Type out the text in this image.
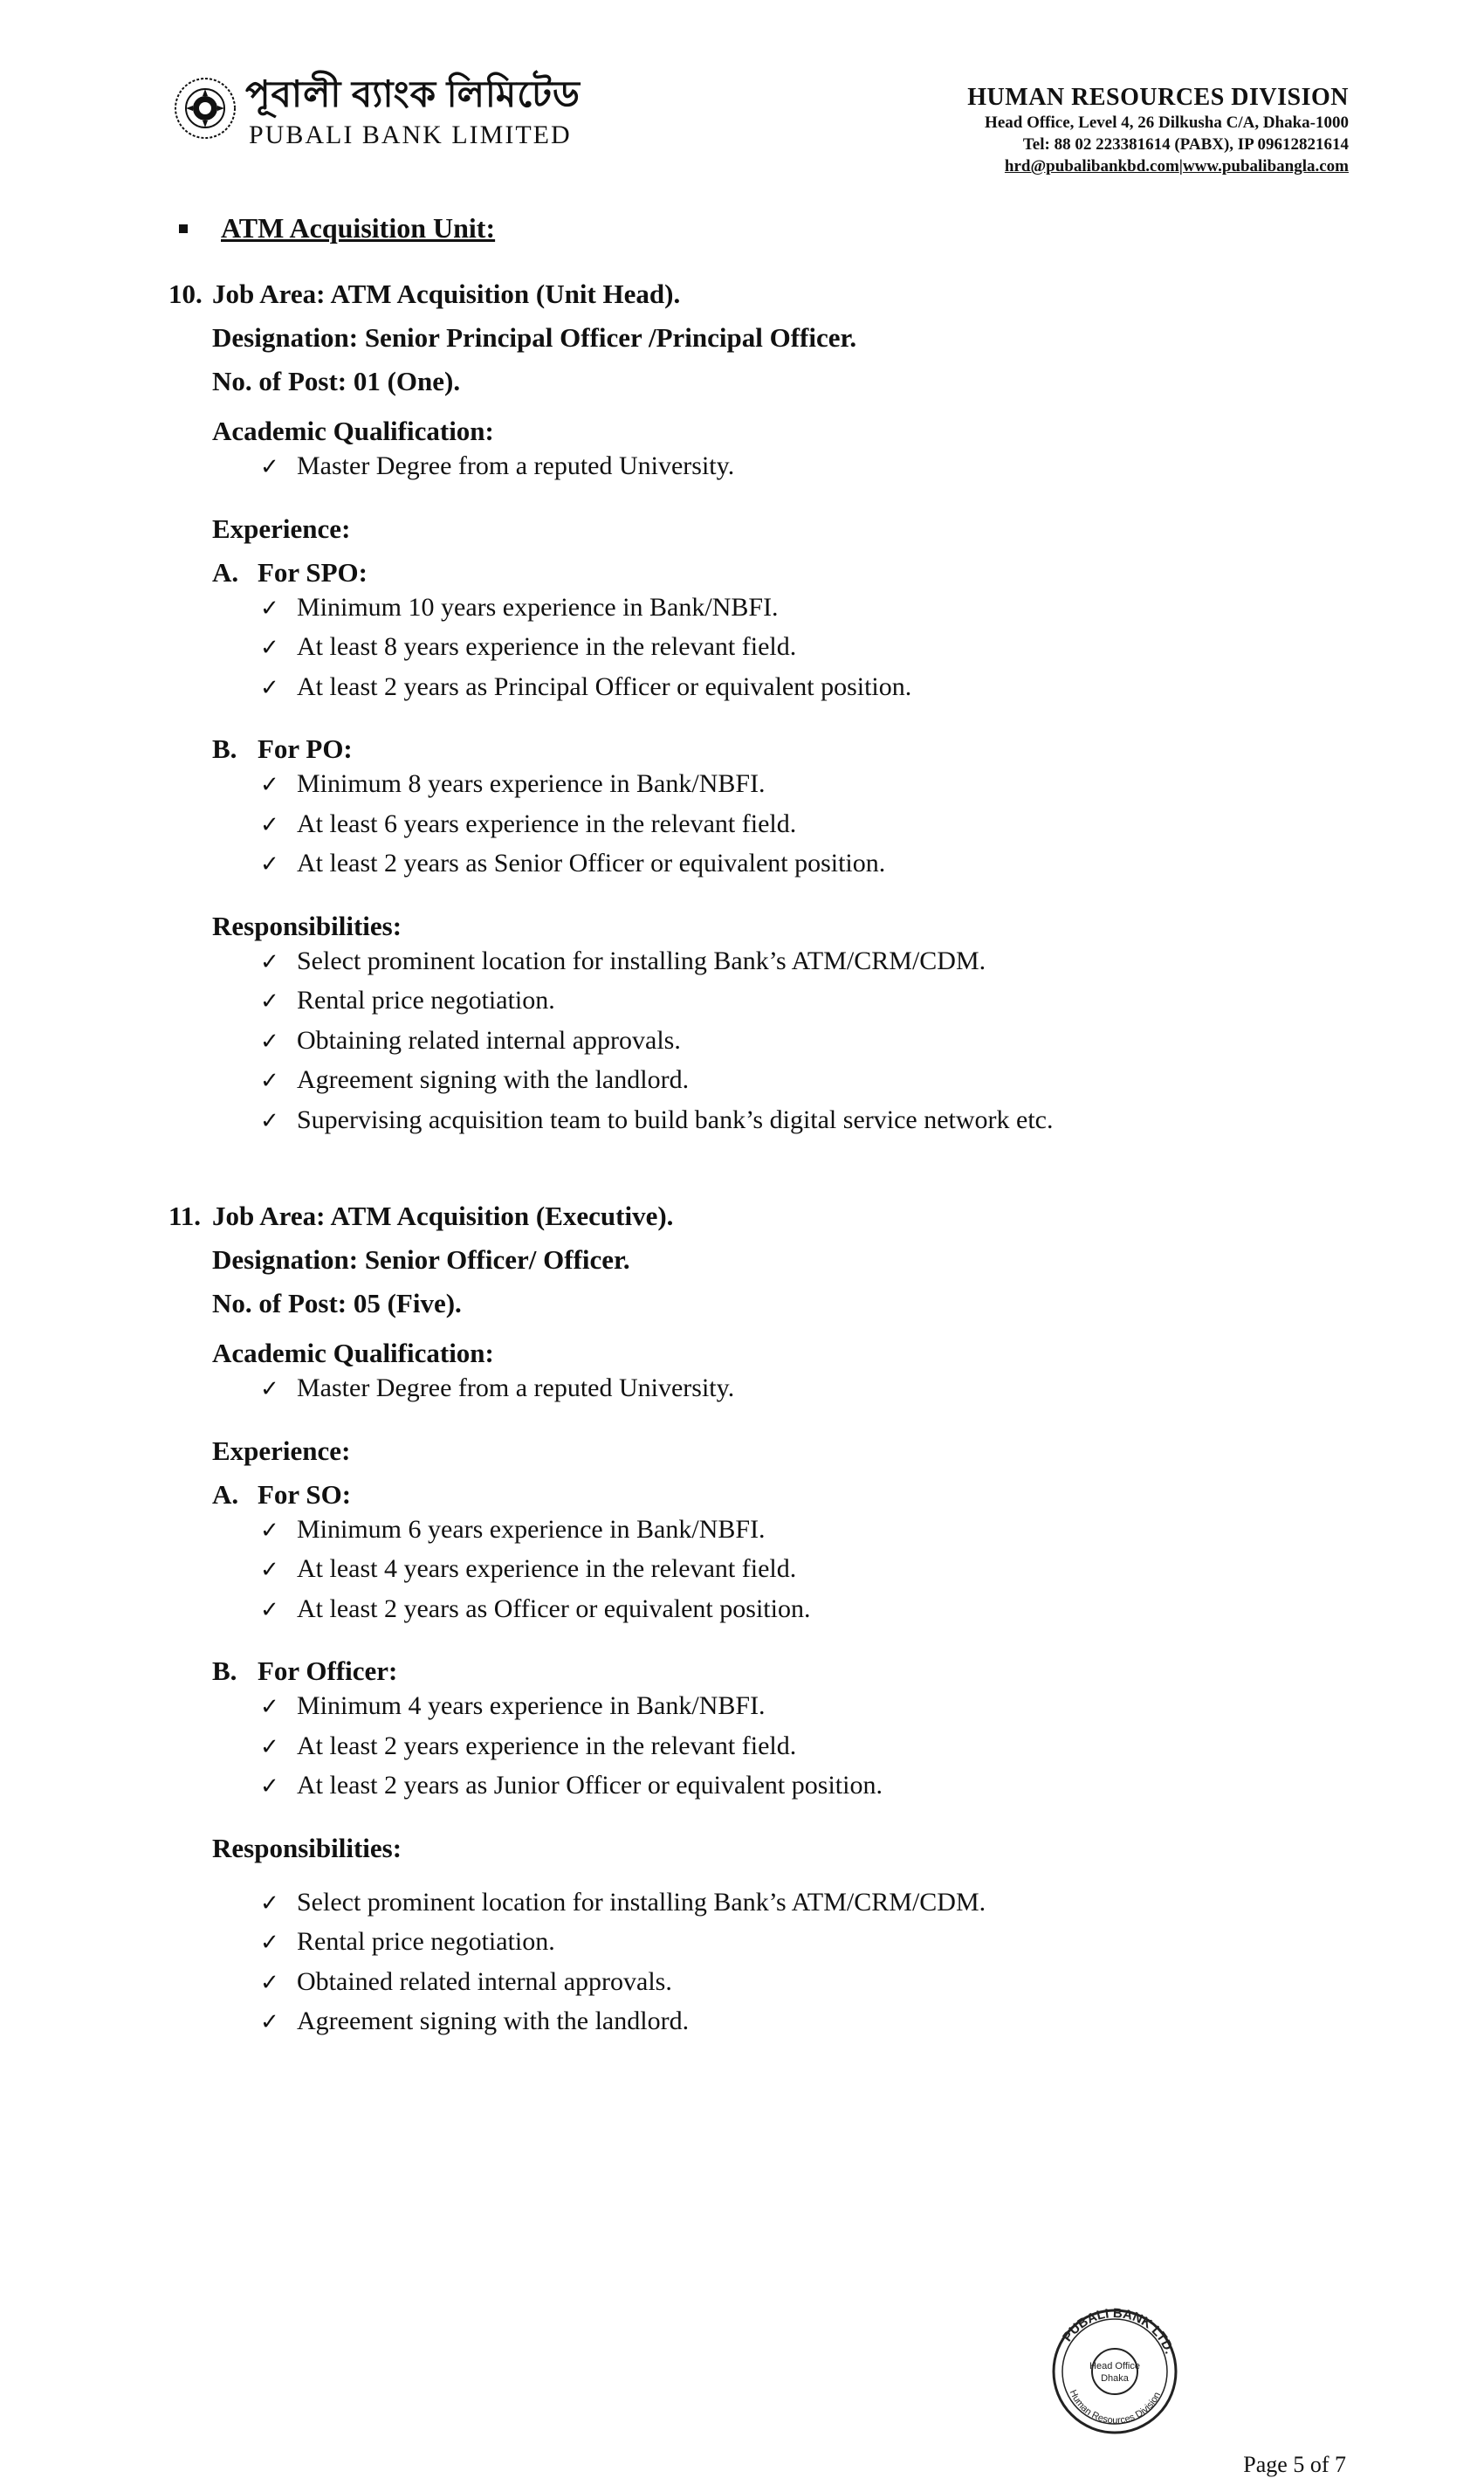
পূবালী ব্যাংক লিমিটেড
PUBALI BANK LIMITED
HUMAN RESOURCES DIVISION
Head Office, Level 4, 26 Dilkusha C/A, Dhaka-1000
Tel: 88 02 223381614 (PABX), IP 09612821614
hrd@pubalibankbd.com|www.pubalibangla.com
ATM Acquisition Unit:
10. Job Area: ATM Acquisition (Unit Head).
Designation: Senior Principal Officer /Principal Officer.
No. of Post: 01 (One).
Academic Qualification:
✓ Master Degree from a reputed University.
Experience:
A. For SPO:
✓ Minimum 10 years experience in Bank/NBFI.
✓ At least 8 years experience in the relevant field.
✓ At least 2 years as Principal Officer or equivalent position.
B. For PO:
✓ Minimum 8 years experience in Bank/NBFI.
✓ At least 6 years experience in the relevant field.
✓ At least 2 years as Senior Officer or equivalent position.
Responsibilities:
✓ Select prominent location for installing Bank’s ATM/CRM/CDM.
✓ Rental price negotiation.
✓ Obtaining related internal approvals.
✓ Agreement signing with the landlord.
✓ Supervising acquisition team to build bank’s digital service network etc.
11. Job Area: ATM Acquisition (Executive).
Designation: Senior Officer/ Officer.
No. of Post: 05 (Five).
Academic Qualification:
✓ Master Degree from a reputed University.
Experience:
A. For SO:
✓ Minimum 6 years experience in Bank/NBFI.
✓ At least 4 years experience in the relevant field.
✓ At least 2 years as Officer or equivalent position.
B. For Officer:
✓ Minimum 4 years experience in Bank/NBFI.
✓ At least 2 years experience in the relevant field.
✓ At least 2 years as Junior Officer or equivalent position.
Responsibilities:
✓ Select prominent location for installing Bank’s ATM/CRM/CDM.
✓ Rental price negotiation.
✓ Obtained related internal approvals.
✓ Agreement signing with the landlord.
PUBALI BANK LTD.
Human Resources Division
Head Office
Dhaka
Page 5 of 7
